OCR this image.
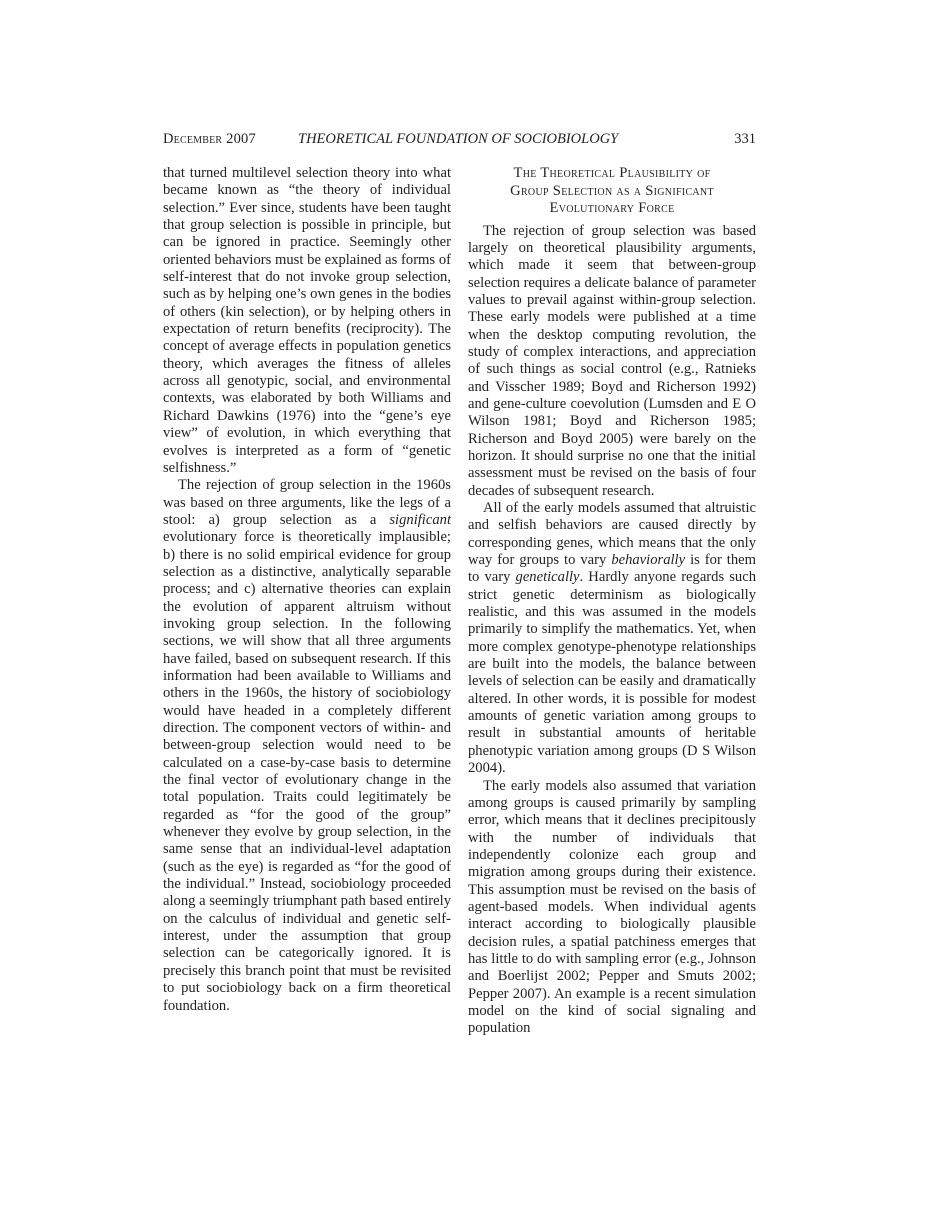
December 2007	THEORETICAL FOUNDATION OF SOCIOBIOLOGY	331

that turned multilevel selection theory into what became known as “the theory of individual selection.” Ever since, students have been taught that group selection is possible in principle, but can be ignored in practice. Seemingly other oriented behaviors must be explained as forms of self-interest that do not invoke group selection, such as by helping one’s own genes in the bodies of others (kin selection), or by helping others in expectation of return benefits (reciprocity). The concept of average effects in population genetics theory, which averages the fitness of alleles across all genotypic, social, and environmental contexts, was elaborated by both Williams and Richard Dawkins (1976) into the “gene’s eye view” of evolution, in which everything that evolves is interpreted as a form of “genetic selfishness.”

The rejection of group selection in the 1960s was based on three arguments, like the legs of a stool: a) group selection as a significant evolutionary force is theoretically implausible; b) there is no solid empirical evidence for group selection as a distinctive, analytically separable process; and c) alternative theories can explain the evolution of apparent altruism without invoking group selection. In the following sections, we will show that all three arguments have failed, based on subsequent research. If this information had been available to Williams and others in the 1960s, the history of sociobiology would have headed in a completely different direction. The component vectors of within- and between-group selection would need to be calculated on a case-by-case basis to determine the final vector of evolutionary change in the total population. Traits could legitimately be regarded as “for the good of the group” whenever they evolve by group selection, in the same sense that an individual-level adaptation (such as the eye) is regarded as “for the good of the individual.” Instead, sociobiology proceeded along a seemingly triumphant path based entirely on the calculus of individual and genetic self-interest, under the assumption that group selection can be categorically ignored. It is precisely this branch point that must be revisited to put sociobiology back on a firm theoretical foundation.

The Theoretical Plausibility of
Group Selection as a Significant
Evolutionary Force

The rejection of group selection was based largely on theoretical plausibility arguments, which made it seem that between-group selection requires a delicate balance of parameter values to prevail against within-group selection. These early models were published at a time when the desktop computing revolution, the study of complex interactions, and appreciation of such things as social control (e.g., Ratnieks and Visscher 1989; Boyd and Richerson 1992) and gene-culture coevolution (Lumsden and E O Wilson 1981; Boyd and Richerson 1985; Richerson and Boyd 2005) were barely on the horizon. It should surprise no one that the initial assessment must be revised on the basis of four decades of subsequent research.

All of the early models assumed that altruistic and selfish behaviors are caused directly by corresponding genes, which means that the only way for groups to vary behaviorally is for them to vary genetically. Hardly anyone regards such strict genetic determinism as biologically realistic, and this was assumed in the models primarily to simplify the mathematics. Yet, when more complex genotype-phenotype relationships are built into the models, the balance between levels of selection can be easily and dramatically altered. In other words, it is possible for modest amounts of genetic variation among groups to result in substantial amounts of heritable phenotypic variation among groups (D S Wilson 2004).

The early models also assumed that variation among groups is caused primarily by sampling error, which means that it declines precipitously with the number of individuals that independently colonize each group and migration among groups during their existence. This assumption must be revised on the basis of agent-based models. When individual agents interact according to biologically plausible decision rules, a spatial patchiness emerges that has little to do with sampling error (e.g., Johnson and Boerlijst 2002; Pepper and Smuts 2002; Pepper 2007). An example is a recent simulation model on the kind of social signaling and population
